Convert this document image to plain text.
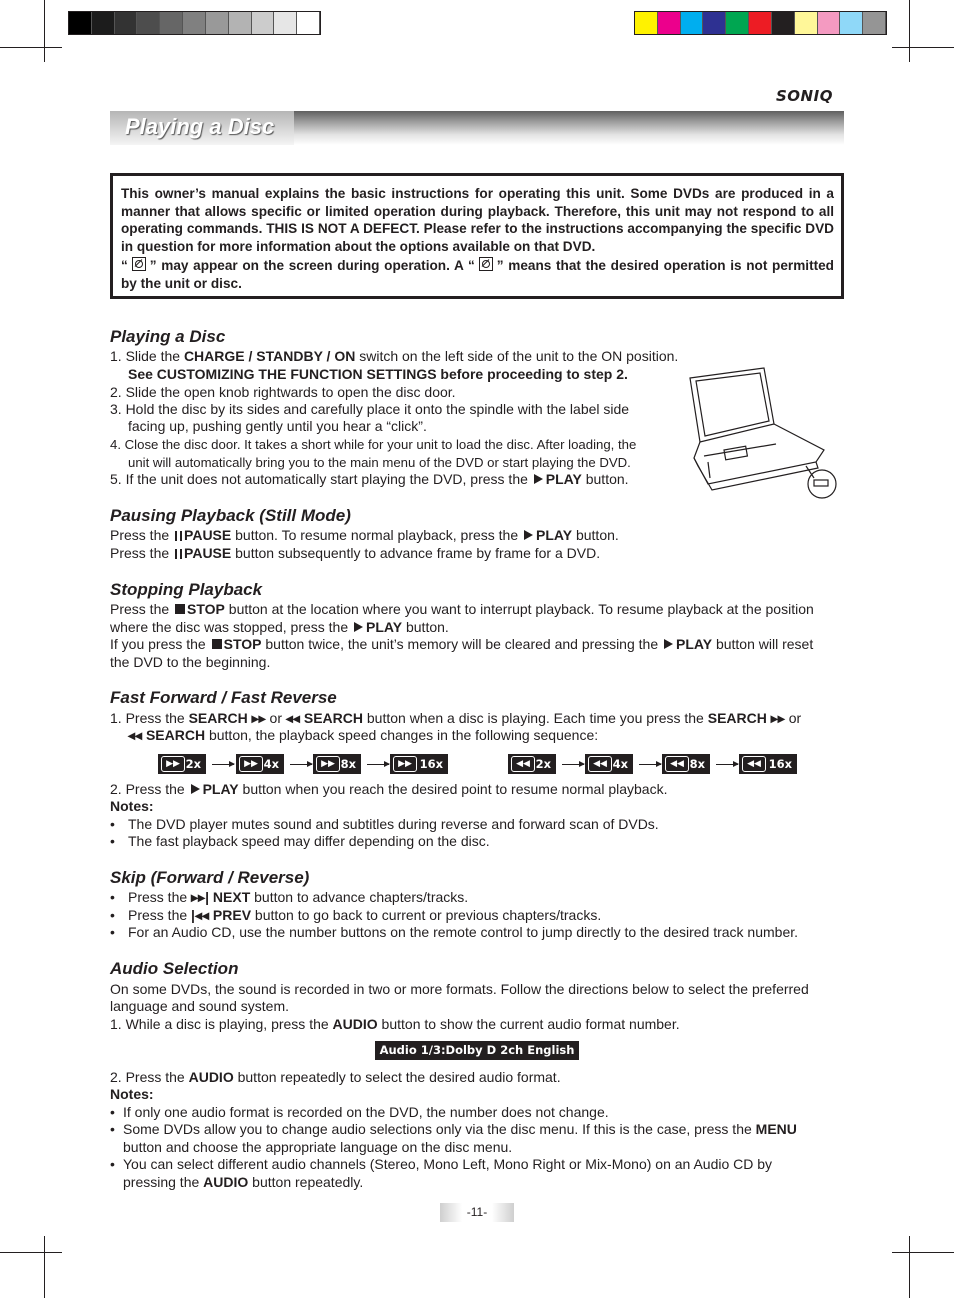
SONIQ
Playing a Disc

This owner’s manual explains the basic instructions for operating this unit. Some DVDs are produced in a manner that allows specific or limited operation during playback. Therefore, this unit may not respond to all operating commands. THIS IS NOT A DEFECT. Please refer to the instructions accompanying the specific DVD in question for more information about the options available on that DVD.

“ ” may appear on the screen during operation. A “ ” means that the desired operation is not permitted by the unit or disc.

Playing a Disc

1. Slide the CHARGE / STANDBY / ON switch on the left side of the unit to the ON position.

See CUSTOMIZING THE FUNCTION SETTINGS before proceeding to step 2.

2. Slide the open knob rightwards to open the disc door.

3. Hold the disc by its sides and carefully place it onto the spindle with the label side

facing up, pushing gently until you hear a “click”.

4. Close the disc door. It takes a short while for your unit to load the disc. After loading, the

unit will automatically bring you to the main menu of the DVD or start playing the DVD.

5. If the unit does not automatically start playing the DVD, press the PLAY button.

Pausing Playback (Still Mode)

Press the PAUSE button. To resume normal playback, press the PLAY button.

Press the PAUSE button subsequently to advance frame by frame for a DVD.

Stopping Playback

Press the STOP button at the location where you want to interrupt playback. To resume playback at the position

where the disc was stopped, press the PLAY button.

If you press the STOP button twice, the unit’s memory will be cleared and pressing the PLAY button will reset

the DVD to the beginning.

Fast Forward / Fast Reverse

1. Press the SEARCH ▸▸ or ◂◂ SEARCH button when a disc is playing. Each time you press the SEARCH ▸▸ or

◂◂ SEARCH button, the playback speed changes in the following sequence:

▶▶ 2x	▶▶ 4x	▶▶ 8x	▶▶ 16x	◀◀ 2x	◀◀ 4x	◀◀ 8x	◀◀ 16x

2. Press the PLAY button when you reach the desired point to resume normal playback.

Notes:

• The DVD player mutes sound and subtitles during reverse and forward scan of DVDs.

• The fast playback speed may differ depending on the disc.

Skip (Forward / Reverse)

• Press the ▸▸| NEXT button to advance chapters/tracks.

• Press the |◂◂ PREV button to go back to current or previous chapters/tracks.

• For an Audio CD, use the number buttons on the remote control to jump directly to the desired track number.

Audio Selection

On some DVDs, the sound is recorded in two or more formats. Follow the directions below to select the preferred

language and sound system.

1. While a disc is playing, press the AUDIO button to show the current audio format number.

Audio 1/3:Dolby D 2ch English

2. Press the AUDIO button repeatedly to select the desired audio format.

Notes:

• If only one audio format is recorded on the DVD, the number does not change.

• Some DVDs allow you to change audio selections only via the disc menu. If this is the case, press the MENU

button and choose the appropriate language on the disc menu.

• You can select different audio channels (Stereo, Mono Left, Mono Right or Mix-Mono) on an Audio CD by

pressing the AUDIO button repeatedly.

-11-
